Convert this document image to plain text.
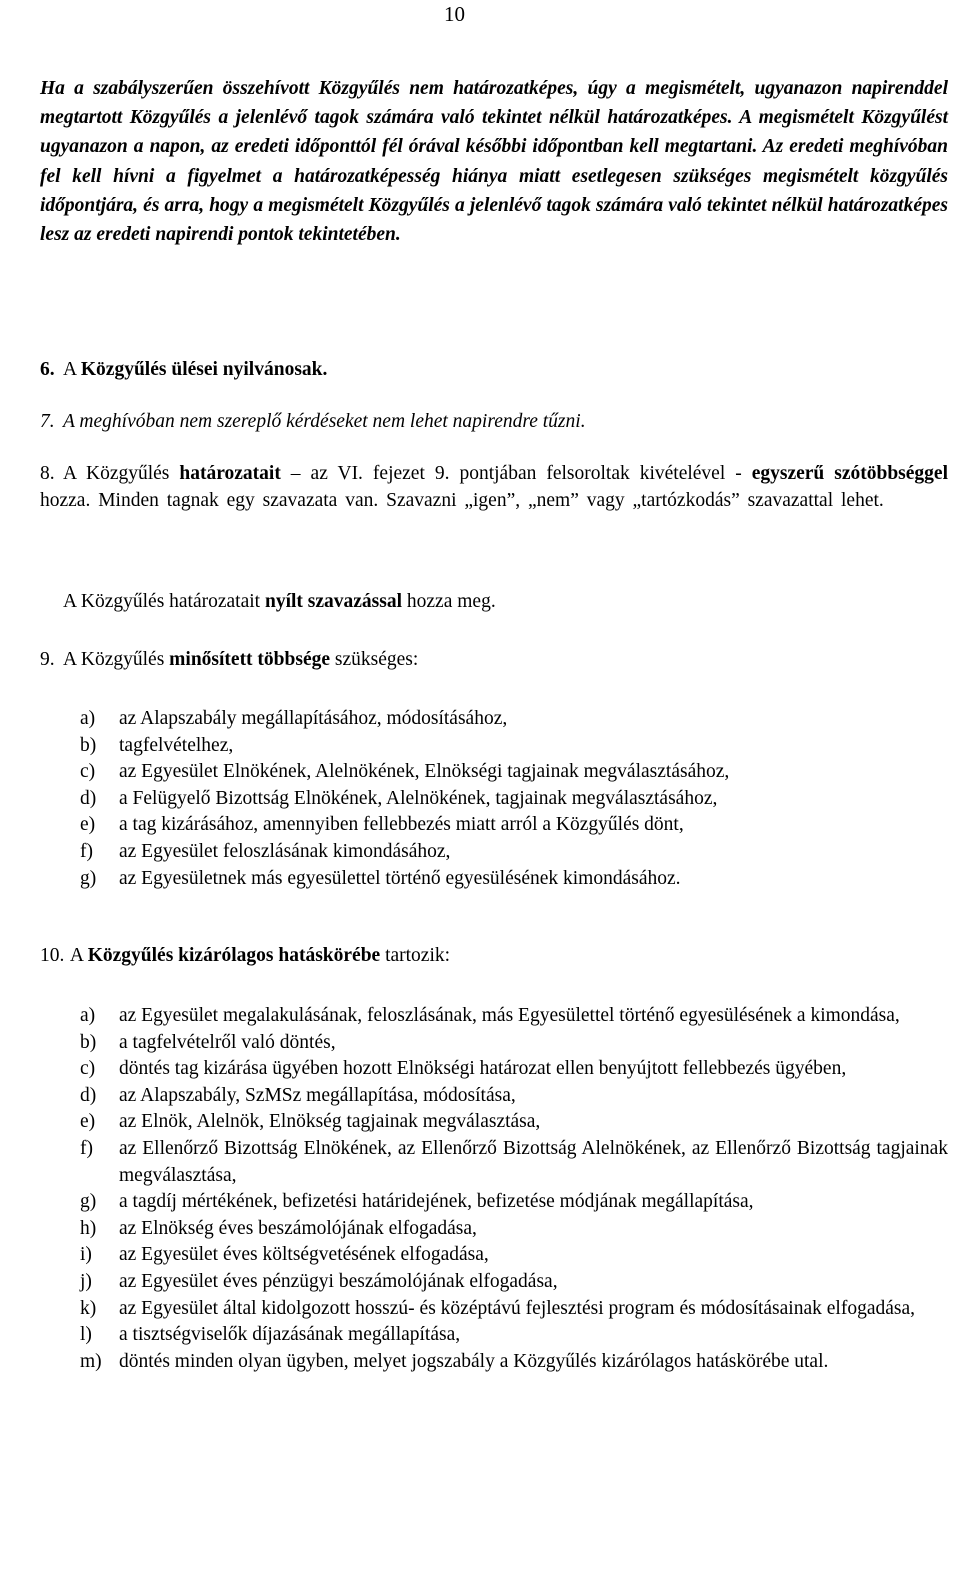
10

Ha a szabályszerűen összehívott Közgyűlés nem határozatképes, úgy a megismételt, ugyanazon napirenddel megtartott Közgyűlés a jelenlévő tagok számára való tekintet nélkül határozatképes. A megismételt Közgyűlést ugyanazon a napon, az eredeti időponttól fél órával későbbi időpontban kell megtartani. Az eredeti meghívóban fel kell hívni a figyelmet a határozatképesség hiánya miatt esetlegesen szükséges megismételt közgyűlés időpontjára, és arra, hogy a megismételt Közgyűlés a jelenlévő tagok számára való tekintet nélkül határozatképes lesz az eredeti napirendi pontok tekintetében.

6. A Közgyűlés ülései nyilvánosak.

7. A meghívóban nem szereplő kérdéseket nem lehet napirendre tűzni.

8. A Közgyűlés határozatait – az VI. fejezet 9. pontjában felsoroltak kivételével - egyszerű szótöbbséggel hozza. Minden tagnak egy szavazata van. Szavazni „igen”, „nem” vagy „tartózkodás” szavazattal lehet.

A Közgyűlés határozatait nyílt szavazással hozza meg.

9. A Közgyűlés minősített többsége szükséges:

a) az Alapszabály megállapításához, módosításához,
b) tagfelvételhez,
c) az Egyesület Elnökének, Alelnökének, Elnökségi tagjainak megválasztásához,
d) a Felügyelő Bizottság Elnökének, Alelnökének, tagjainak megválasztásához,
e) a tag kizárásához, amennyiben fellebbezés miatt arról a Közgyűlés dönt,
f) az Egyesület feloszlásának kimondásához,
g) az Egyesületnek más egyesülettel történő egyesülésének kimondásához.

10. A Közgyűlés kizárólagos hatáskörébe tartozik:

a) az Egyesület megalakulásának, feloszlásának, más Egyesülettel történő egyesülésének a kimondása,
b) a tagfelvételről való döntés,
c) döntés tag kizárása ügyében hozott Elnökségi határozat ellen benyújtott fellebbezés ügyében,
d) az Alapszabály, SzMSz megállapítása, módosítása,
e) az Elnök, Alelnök, Elnökség tagjainak megválasztása,
f) az Ellenőrző Bizottság Elnökének, az Ellenőrző Bizottság Alelnökének, az Ellenőrző Bizottság tagjainak megválasztása,
g) a tagdíj mértékének, befizetési határidejének, befizetése módjának megállapítása,
h) az Elnökség éves beszámolójának elfogadása,
i) az Egyesület éves költségvetésének elfogadása,
j) az Egyesület éves pénzügyi beszámolójának elfogadása,
k) az Egyesület által kidolgozott hosszú- és középtávú fejlesztési program és módosításainak elfogadása,
l) a tisztségviselők díjazásának megállapítása,
m) döntés minden olyan ügyben, melyet jogszabály a Közgyűlés kizárólagos hatáskörébe utal.
